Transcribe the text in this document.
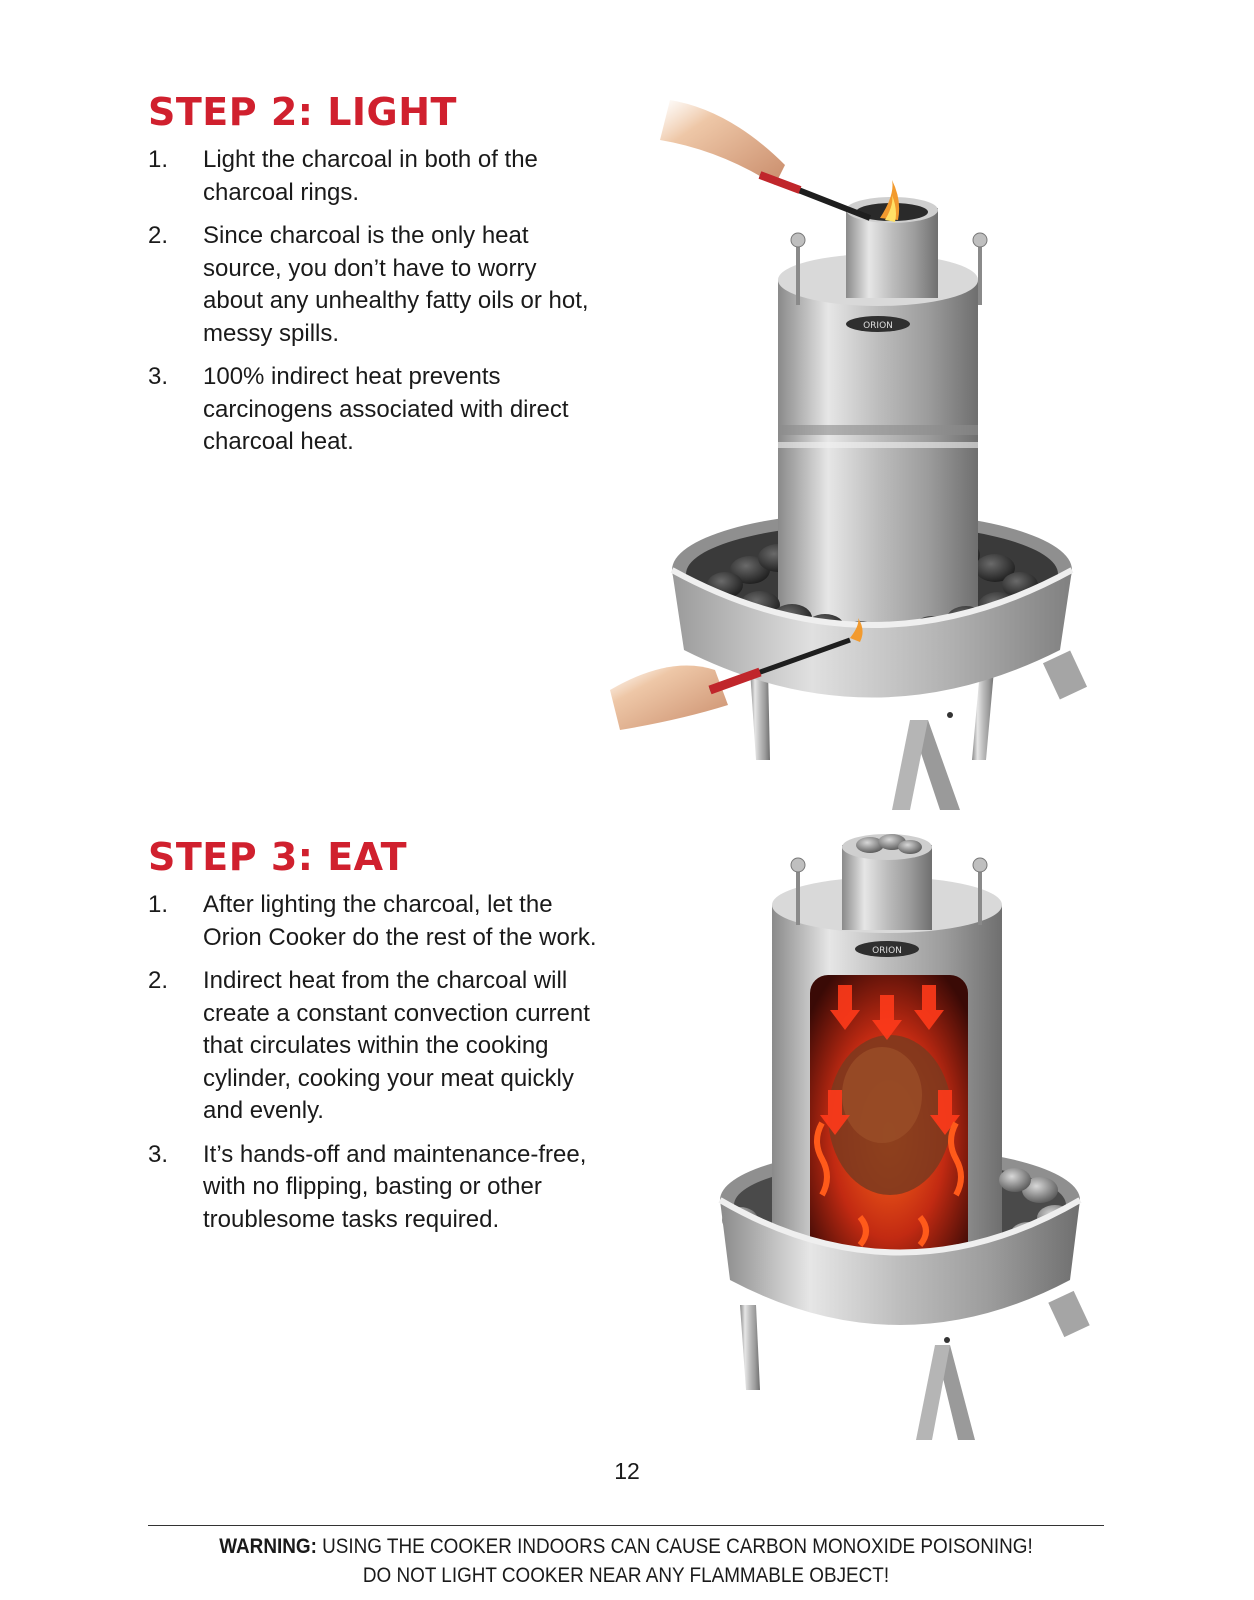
STEP 2: LIGHT
1.	Light the charcoal in both of the charcoal rings.
2.	Since charcoal is the only heat source, you don’t have to worry about any unhealthy fatty oils or hot, messy spills.
3.	100% indirect heat prevents carcinogens associated with direct charcoal heat.
ORION
STEP 3: EAT
1.	After lighting the charcoal, let the Orion Cooker do the rest of the work.
2.	Indirect heat from the charcoal will create a constant convection current that circulates within the cooking cylinder, cooking your meat quickly and evenly.
3.	It’s hands-off and maintenance-free, with no flipping, basting or other troublesome tasks required.
ORION
12
WARNING: USING THE COOKER INDOORS CAN CAUSE CARBON MONOXIDE POISONING!
DO NOT LIGHT COOKER NEAR ANY FLAMMABLE OBJECT!
